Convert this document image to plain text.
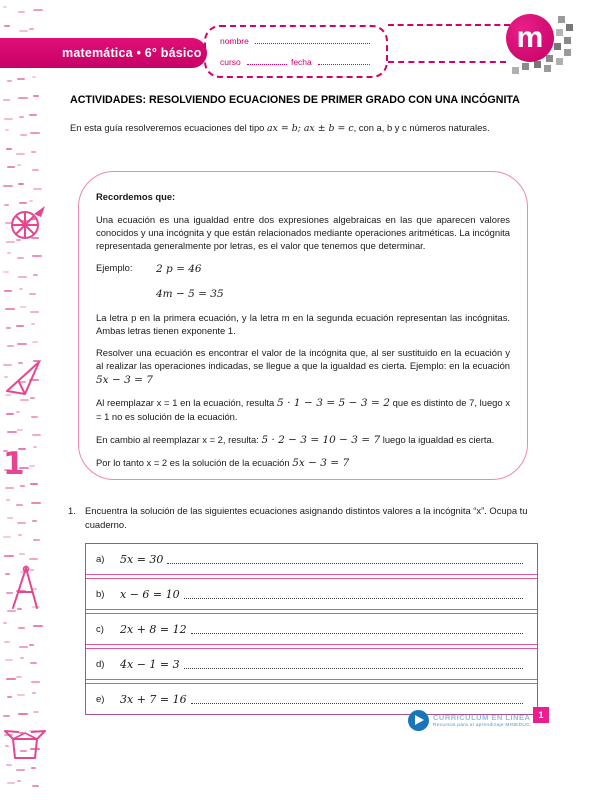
1
matemática • 6° básico
nombre
curso	fecha
m
ACTIVIDADES: RESOLVIENDO ECUACIONES DE PRIMER GRADO CON UNA INCÓGNITA
En esta guía resolveremos ecuaciones del tipo ax = b; ax ± b = c, con a, b y c números naturales.

Recordemos que:

Una ecuación es una igualdad entre dos expresiones algebraicas en las que aparecen valores conocidos y una incógnita y que están relacionados mediante operaciones aritméticas. La incógnita representada generalmente por letras, es el valor que tenemos que determinar.

Ejemplo:	2 p = 46
4m − 5 = 35

La letra p en la primera ecuación, y la letra m en la segunda ecuación representan las incógnitas. Ambas letras tienen exponente 1.

Resolver una ecuación es encontrar el valor de la incógnita que, al ser sustituido en la ecuación y al realizar las operaciones indicadas, se llegue a que la igualdad es cierta. Ejemplo: en la ecuación 5x − 3 = 7

Al reemplazar x = 1 en la ecuación, resulta 5 · 1 − 3 = 5 − 3 = 2 que es distinto de 7, luego x = 1 no es solución de la ecuación.

En cambio al reemplazar x = 2, resulta: 5 · 2 − 3 = 10 − 3 = 7 luego la igualdad es cierta.

Por lo tanto x = 2 es la solución de la ecuación 5x − 3 = 7

1. Encuentra la solución de las siguientes ecuaciones asignando distintos valores a la incógnita “x”. Ocupa tu cuaderno.
a)	5x = 30
b)	x − 6 = 10
c)	2x + 8 = 12
d)	4x − 1 = 3
e)	3x + 7 = 16
CURRÍCULUM EN LÍNEA
Recursos para el aprendizaje MINEDUC
1
